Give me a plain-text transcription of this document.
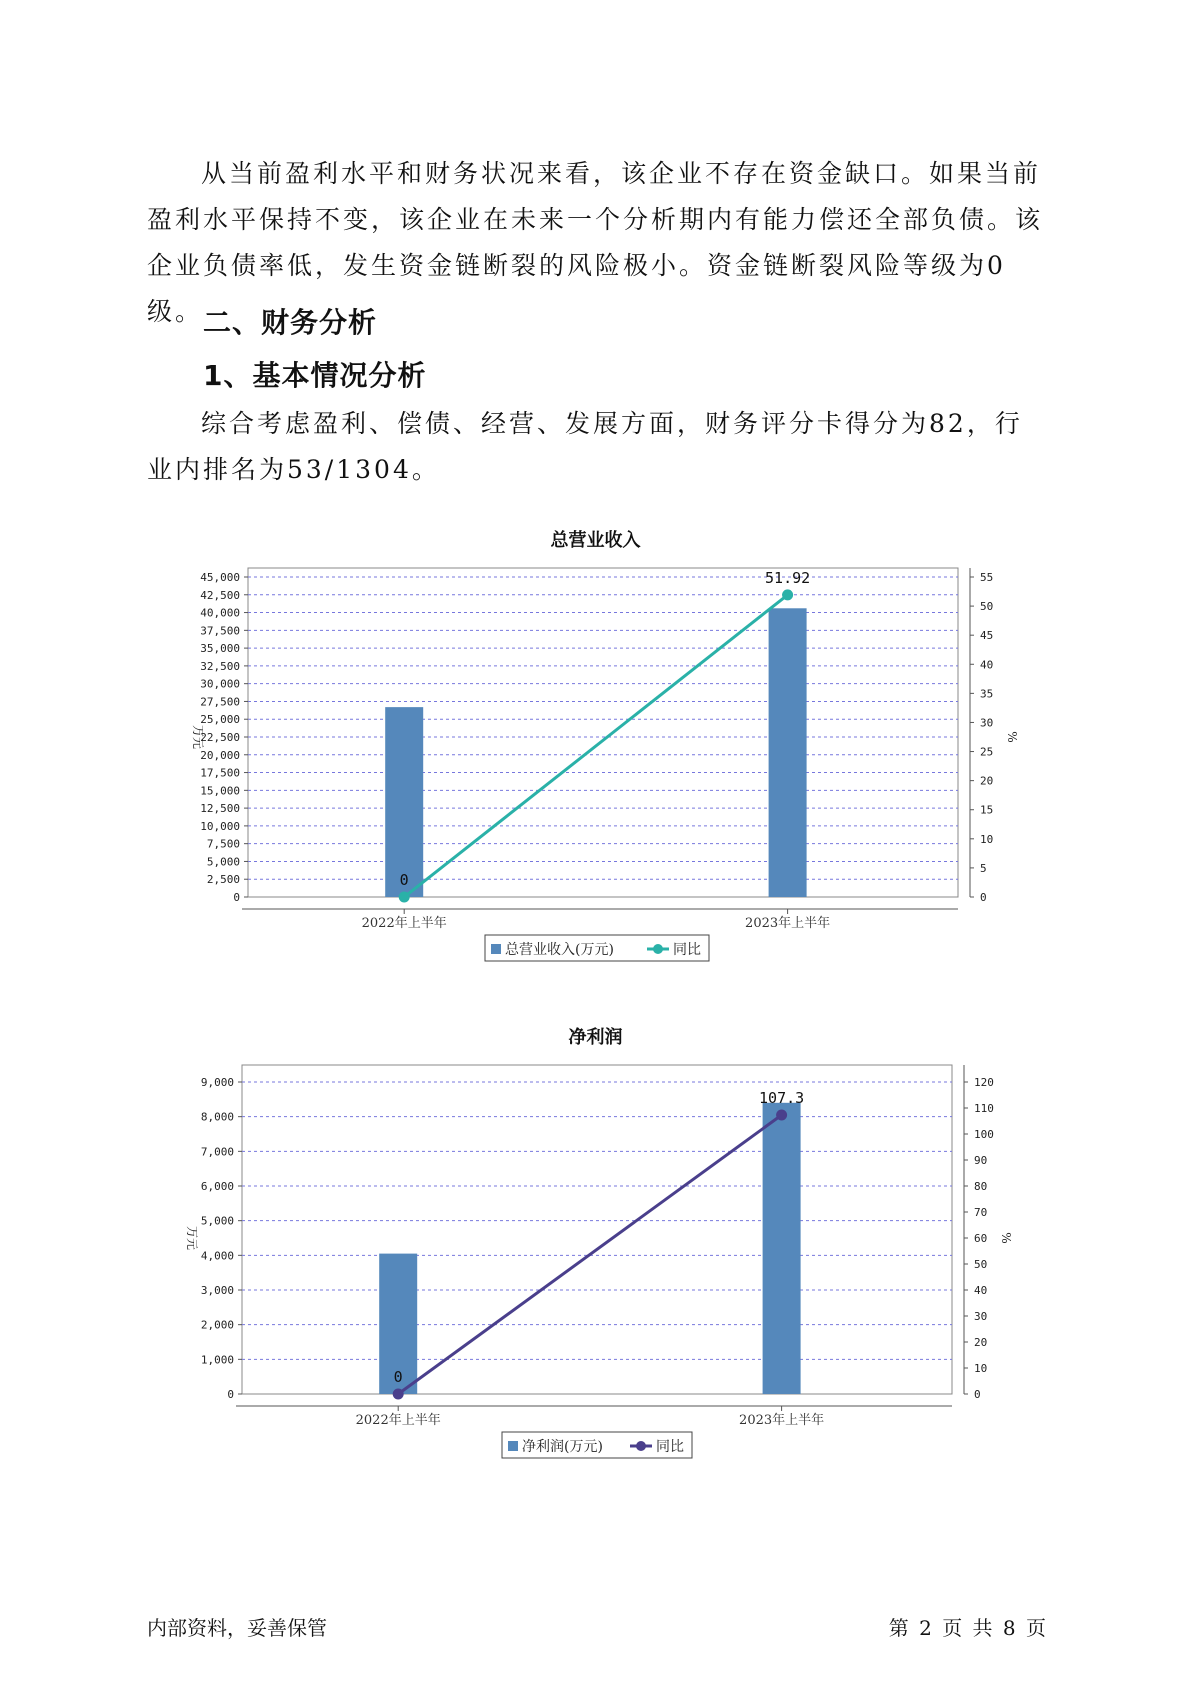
从当前盈利水平和财务状况来看，该企业不存在资金缺口。如果当前盈利水平保持不变，该企业在未来一个分析期内有能力偿还全部负债。该企业负债率低，发生资金链断裂的风险极小。资金链断裂风险等级为0级。 二、财务分析
1、基本情况分析

综合考虑盈利、偿债、经营、发展方面，财务评分卡得分为82，行业内排名为53/1304。

总营业收入
0
2,500
5,000
7,500
10,000
12,500
15,000
17,500
20,000
22,500
25,000
27,500
30,000
32,500
35,000
37,500
40,000
42,500
45,000
0
5
10
15
20
25
30
35
40
45
50
55
万元	%
2022年上半年	2023年上半年
0
51.92
总营业收入(万元)	同比
净利润
0
1,000
2,000
3,000
4,000
5,000
6,000
7,000
8,000
9,000
0
10
20
30
40
50
60
70
80
90
100
110
120
万元	%
2022年上半年	2023年上半年
0
107.3
净利润(万元)	同比
内部资料，妥善保管	第 2 页 共 8 页
